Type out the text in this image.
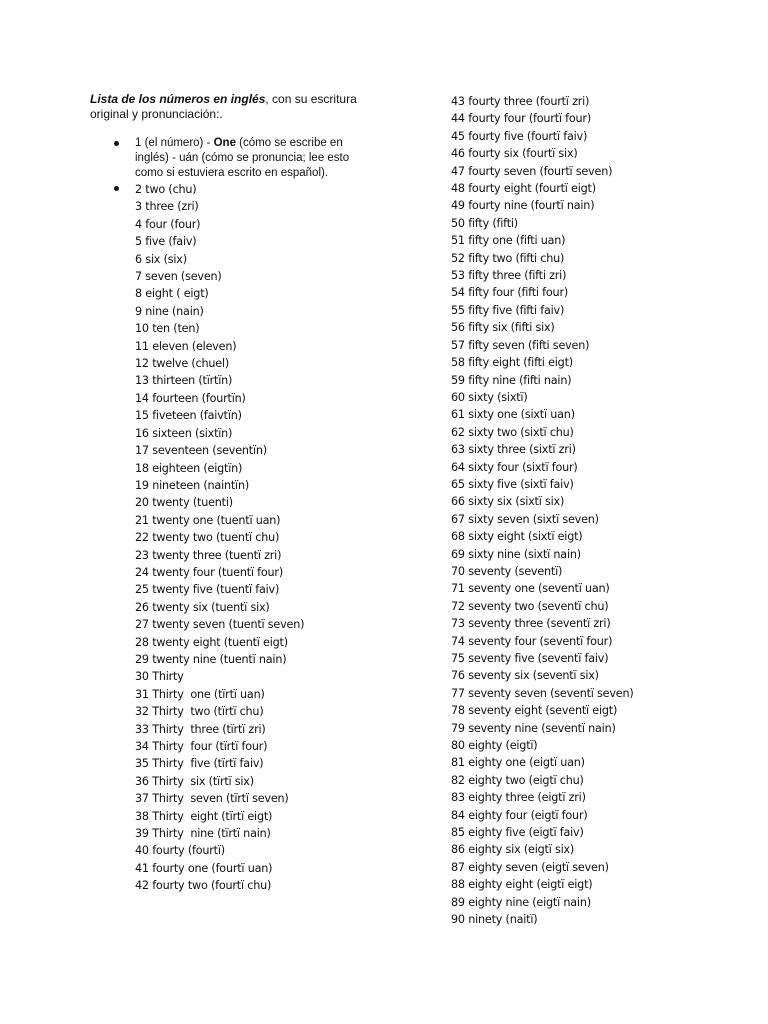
Lista de los números en inglés, con su escritura original y pronunciación:.

1 (el número) - One (cómo se escribe en inglés) - uán (cómo se pronuncia; lee esto como si estuviera escrito en español).
2 two (chu)
3 three (zri)
4 four (four)
5 five (faiv)
6 six (six)
7 seven (seven)
8 eight ( eigt)
9 nine (nain)
10 ten (ten)
11 eleven (eleven)
12 twelve (chuel)
13 thirteen (tïrtïn)
14 fourteen (fourtïn)
15 fiveteen (faivtïn)
16 sixteen (sixtïn)
17 seventeen (seventïn)
18 eighteen (eigtïn)
19 nineteen (naintïn)
20 twenty (tuenti)
21 twenty one (tuentï uan)
22 twenty two (tuentï chu)
23 twenty three (tuentï zri)
24 twenty four (tuentï four)
25 twenty five (tuentï faiv)
26 twenty six (tuentï six)
27 twenty seven (tuentï seven)
28 twenty eight (tuentï eigt)
29 twenty nine (tuentï nain)
30 Thirty
31 Thirty  one (tïrtï uan)
32 Thirty  two (tïrtï chu)
33 Thirty  three (tïrtï zri)
34 Thirty  four (tïrtï four)
35 Thirty  five (tïrtï faiv)
36 Thirty  six (tïrtï six)
37 Thirty  seven (tïrtï seven)
38 Thirty  eight (tïrtï eigt)
39 Thirty  nine (tïrtï nain)
40 fourty (fourtï)
41 fourty one (fourtï uan)
42 fourty two (fourtï chu)
43 fourty three (fourtï zri)
44 fourty four (fourtï four)
45 fourty five (fourtï faiv)
46 fourty six (fourtï six)
47 fourty seven (fourtï seven)
48 fourty eight (fourtï eigt)
49 fourty nine (fourtï nain)
50 fifty (fifti)
51 fifty one (fifti uan)
52 fifty two (fifti chu)
53 fifty three (fifti zri)
54 fifty four (fifti four)
55 fifty five (fifti faiv)
56 fifty six (fifti six)
57 fifty seven (fifti seven)
58 fifty eight (fifti eigt)
59 fifty nine (fifti nain)
60 sixty (sixtï)
61 sixty one (sixtï uan)
62 sixty two (sixtï chu)
63 sixty three (sixtï zri)
64 sixty four (sixtï four)
65 sixty five (sixtï faiv)
66 sixty six (sixtï six)
67 sixty seven (sixtï seven)
68 sixty eight (sixtï eigt)
69 sixty nine (sixtï nain)
70 seventy (seventï)
71 seventy one (seventï uan)
72 seventy two (seventï chu)
73 seventy three (seventï zri)
74 seventy four (seventï four)
75 seventy five (seventï faiv)
76 seventy six (seventï six)
77 seventy seven (seventï seven)
78 seventy eight (seventï eigt)
79 seventy nine (seventï nain)
80 eighty (eigtï)
81 eighty one (eigtï uan)
82 eighty two (eigtï chu)
83 eighty three (eigtï zri)
84 eighty four (eigtï four)
85 eighty five (eigtï faiv)
86 eighty six (eigtï six)
87 eighty seven (eigtï seven)
88 eighty eight (eigtï eigt)
89 eighty nine (eigtï nain)
90 ninety (naitï)
